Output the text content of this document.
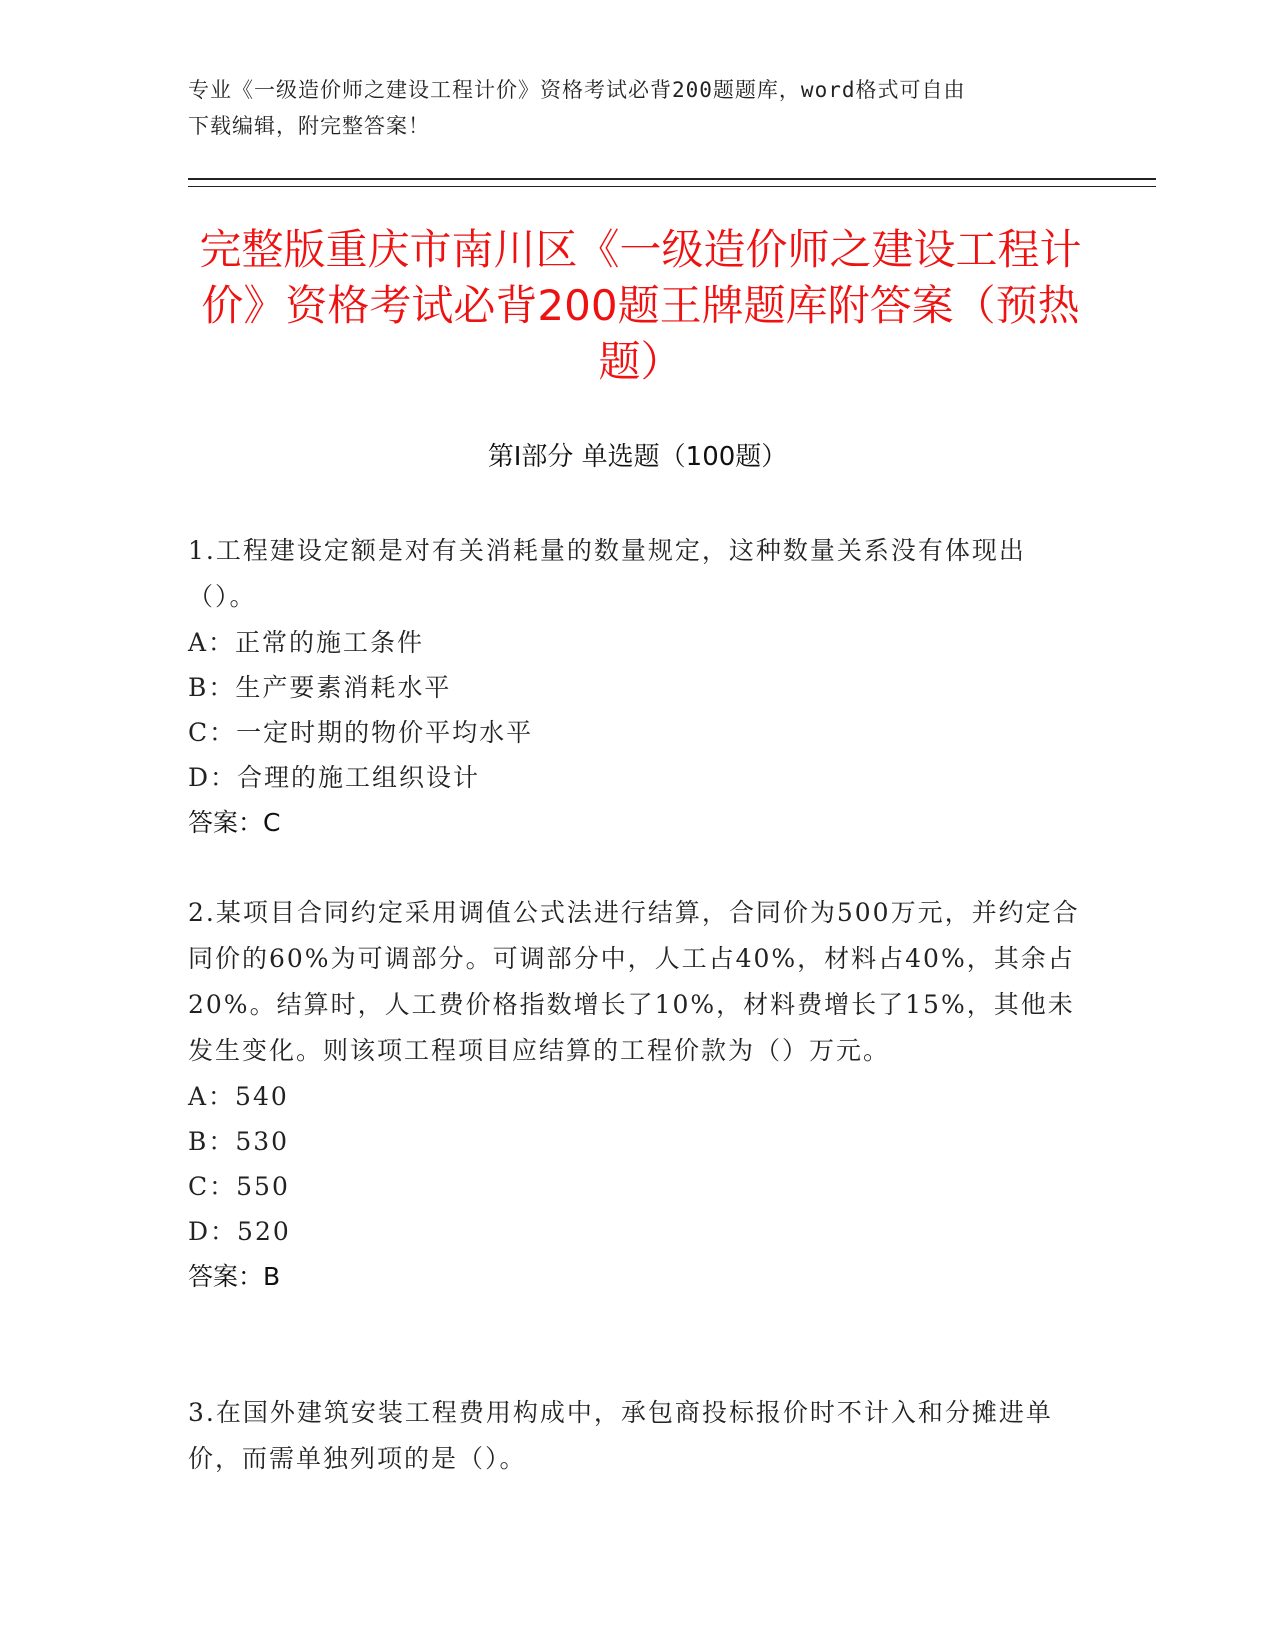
专业《一级造价师之建设工程计价》资格考试必背200题题库，word格式可自由
下载编辑，附完整答案！
完整版重庆市南川区《一级造价师之建设工程计价》资格考试必背200题王牌题库附答案（预热题）
第Ⅰ部分 单选题（100题）

1.工程建设定额是对有关消耗量的数量规定，这种数量关系没有体现出（）。

A：正常的施工条件

B：生产要素消耗水平

C：一定时期的物价平均水平

D：合理的施工组织设计

答案：C

2.某项目合同约定采用调值公式法进行结算，合同价为500万元，并约定合同价的60%为可调部分。可调部分中，人工占40%，材料占40%，其余占20%。结算时，人工费价格指数增长了10%，材料费增长了15%，其他未发生变化。则该项工程项目应结算的工程价款为（）万元。

A：540

B：530

C：550

D：520

答案：B

3.在国外建筑安装工程费用构成中，承包商投标报价时不计入和分摊进单价，而需单独列项的是（）。
